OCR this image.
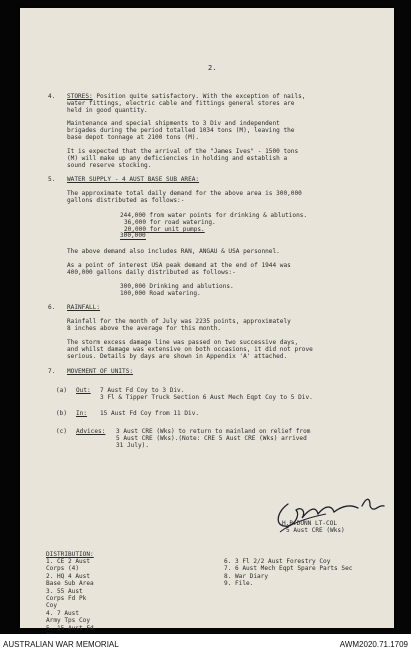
2.
4. STORES: Position quite satisfactory. With the exception of nails,
water fittings, electric cable and fittings general stores are
held in good quantity.
Maintenance and special shipments to 3 Div and independent
brigades during the period totalled 1034 tons (M), leaving the
base depot tonnage at 2100 tons (M).
It is expected that the arrival of the "James Ives" - 1500 tons
(M) will make up any deficiencies in holding and establish a
sound reserve stocking.
5. WATER SUPPLY - 4 AUST BASE SUB AREA:
The approximate total daily demand for the above area is 300,000
gallons distributed as follows:-
244,000 from water points for drinking & ablutions.
36,000 for road watering.
20,000 for unit pumps.
300,000
The above demand also includes RAN, ANGAU & USA personnel.
As a point of interest USA peak demand at the end of 1944 was
400,000 gallons daily distributed as follows:-
300,000 Drinking and ablutions.
100,000 Road watering.
6. RAINFALL:
Rainfall for the month of July was 2235 points, approximately
8 inches above the average for this month.
The storm excess damage line was passed on two successive days,
and whilst damage was extensive on both occasions, it did not prove
serious. Details by days are shown in Appendix 'A' attached.
7. MOVEMENT OF UNITS:
(a) Out: 7 Aust Fd Coy to 3 Div.
3 Fl & Tipper Truck Section 6 Aust Mech Eqpt Coy to 5 Div.
(b) In: 15 Aust Fd Coy from 11 Div.
(c) Advices: 3 Aust CRE (Wks) to return to mainland on relief from
5 Aust CRE (Wks).(Note: CRE 5 Aust CRE (Wks) arrived
31 July).
H.B.DUNN LT-COL
5 Aust CRE (Wks)
DISTRIBUTION:
1. CE 2 Aust Corps (4)
2. HQ 4 Aust Base Sub Area
3. 55 Aust Corps Fd Pk Coy
4. 7 Aust Army Tps Coy
5. 15 Aust Fd
6. 3 Fl 2/2 Aust Forestry Coy
7. 6 Aust Mech Eqpt Spare Parts Sec
8. War Diary
9. File.
AUSTRALIAN WAR MEMORIAL	AWM2020.71.1709
